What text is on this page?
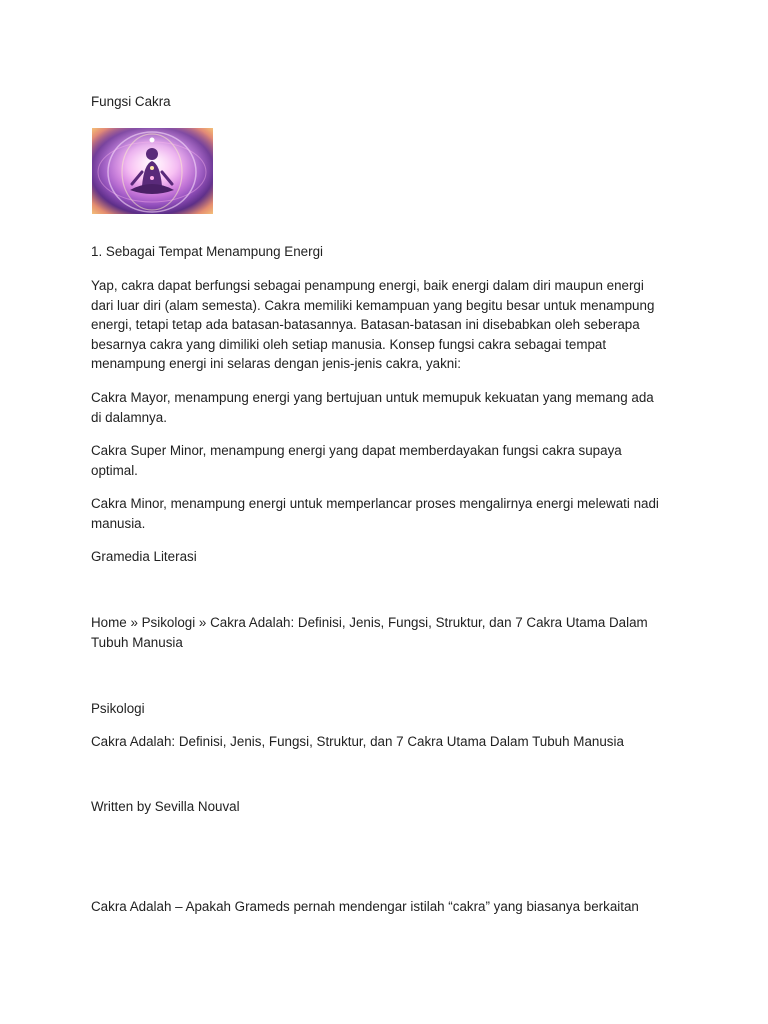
Fungsi Cakra

1. Sebagai Tempat Menampung Energi

Yap, cakra dapat berfungsi sebagai penampung energi, baik energi dalam diri maupun energi

dari luar diri (alam semesta). Cakra memiliki kemampuan yang begitu besar untuk menampung

energi, tetapi tetap ada batasan-batasannya. Batasan-batasan ini disebabkan oleh seberapa

besarnya cakra yang dimiliki oleh setiap manusia. Konsep fungsi cakra sebagai tempat

menampung energi ini selaras dengan jenis-jenis cakra, yakni:

Cakra Mayor, menampung energi yang bertujuan untuk memupuk kekuatan yang memang ada

di dalamnya.

Cakra Super Minor, menampung energi yang dapat memberdayakan fungsi cakra supaya

optimal.

Cakra Minor, menampung energi untuk memperlancar proses mengalirnya energi melewati nadi

manusia.

Gramedia Literasi

Home » Psikologi » Cakra Adalah: Definisi, Jenis, Fungsi, Struktur, dan 7 Cakra Utama Dalam

Tubuh Manusia

Psikologi

Cakra Adalah: Definisi, Jenis, Fungsi, Struktur, dan 7 Cakra Utama Dalam Tubuh Manusia

Written by Sevilla Nouval

Cakra Adalah – Apakah Grameds pernah mendengar istilah “cakra” yang biasanya berkaitan
